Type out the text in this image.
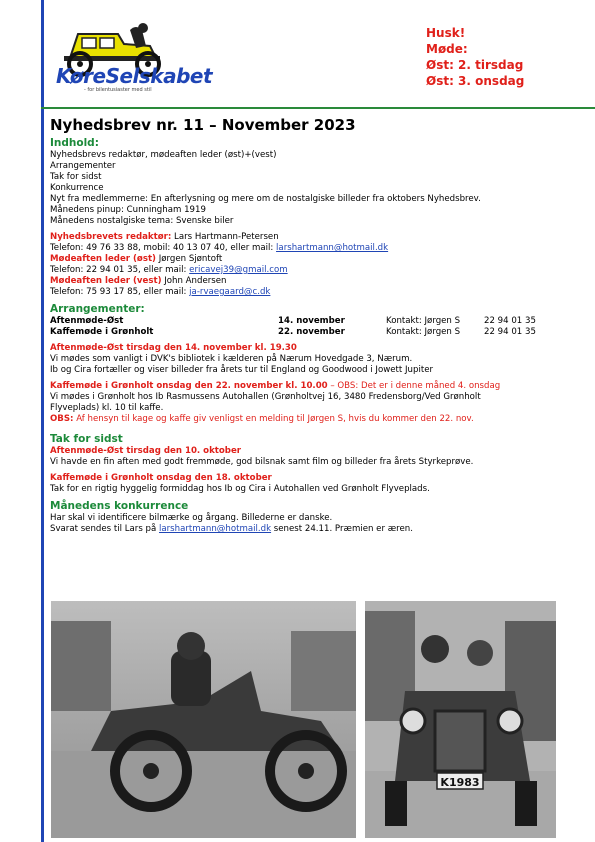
KøreSelskabet
- for bilentusiaster med stil
Husk!
Møde:
Øst: 2. tirsdag
Øst: 3. onsdag
Nyhedsbrev nr. 11 – November 2023
Indhold:
Nyhedsbrevs redaktør, mødeaften leder (øst)+(vest)
Arrangementer
Tak for sidst
Konkurrence
Nyt fra medlemmerne: En afterlysning og mere om de nostalgiske billeder fra oktobers Nyhedsbrev.
Månedens pinup: Cunningham 1919
Månedens nostalgiske tema: Svenske biler
Nyhedsbrevets redaktør: Lars Hartmann-Petersen
Telefon: 49 76 33 88, mobil: 40 13 07 40, eller mail: larshartmann@hotmail.dk
Mødeaften leder (øst) Jørgen Sjøntoft
Telefon: 22 94 01 35, eller mail: ericavej39@gmail.com
Mødeaften leder (vest) John Andersen
Telefon: 75 93 17 85, eller mail: ja-rvaegaard@c.dk
Arrangementer:
Aftenmøde-Øst	14. november	Kontakt: Jørgen S	22 94 01 35
Kaffemøde i Grønholt	22. november	Kontakt: Jørgen S	22 94 01 35
Aftenmøde-Øst tirsdag den 14. november kl. 19.30
Vi mødes som vanligt i DVK's bibliotek i kælderen på Nærum Hovedgade 3, Nærum.
Ib og Cira fortæller og viser billeder fra årets tur til England og Goodwood i Jowett Jupiter
Kaffemøde i Grønholt onsdag den 22. november kl. 10.00 – OBS: Det er i denne måned 4. onsdag
Vi mødes i Grønholt hos Ib Rasmussens Autohallen (Grønholtvej 16, 3480 Fredensborg/Ved Grønholt
Flyveplads) kl. 10 til kaffe.
OBS: Af hensyn til kage og kaffe giv venligst en melding til Jørgen S, hvis du kommer den 22. nov.
Tak for sidst
Aftenmøde-Øst tirsdag den 10. oktober
Vi havde en fin aften med godt fremmøde, god bilsnak samt film og billeder fra årets Styrkeprøve.
Kaffemøde i Grønholt onsdag den 18. oktober
Tak for en rigtig hyggelig formiddag hos Ib og Cira i Autohallen ved Grønholt Flyveplads.
Månedens konkurrence
Har skal vi identificere bilmærke og årgang. Billederne er danske.
Svarat sendes til Lars på larshartmann@hotmail.dk senest 24.11. Præmien er æren.
K1983
